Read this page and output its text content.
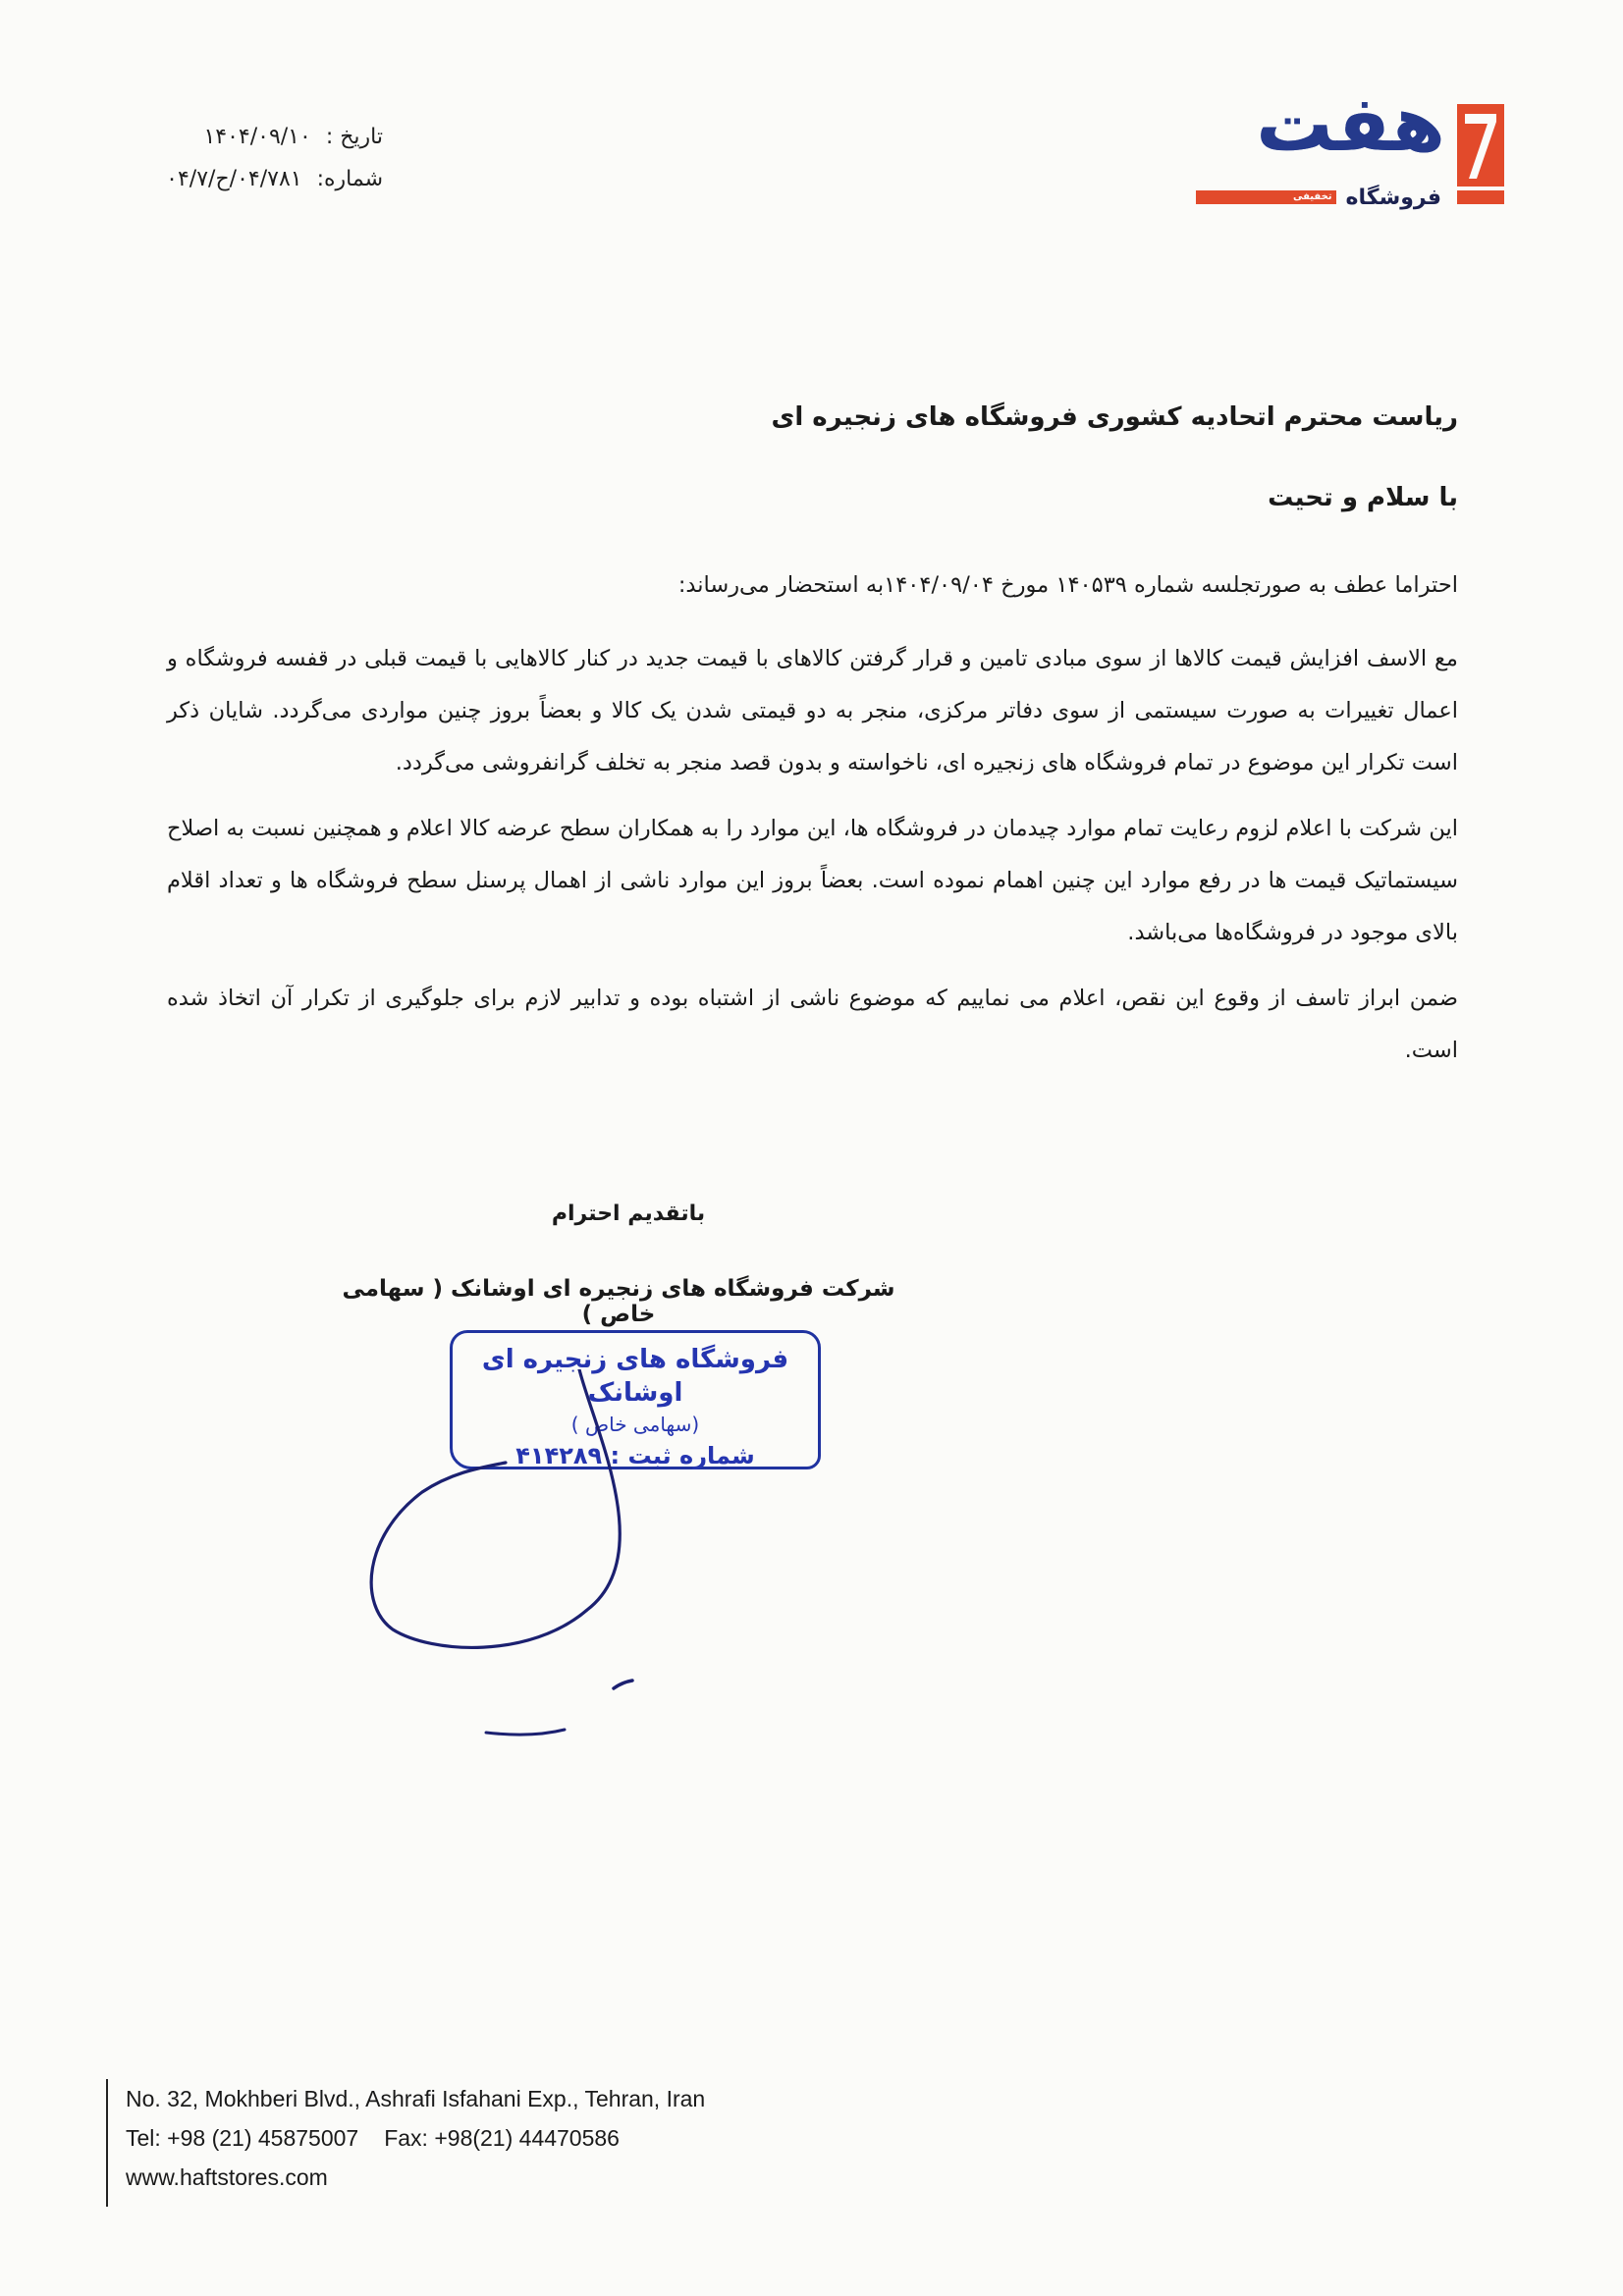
هفت
فروشگاه
تخفیفی
تاریخ : ۱۴۰۴/۰۹/۱۰
شماره: ۰۴/۷۸۱/ح/۰۴/۷
ریاست محترم اتحادیه کشوری فروشگاه های زنجیره ای
با سلام و تحیت

احتراما عطف به صورتجلسه شماره ۱۴۰۵۳۹ مورخ ۱۴۰۴/۰۹/۰۴به استحضار می‌رساند:

مع الاسف افزایش قیمت کالاها از سوی مبادی تامین و قرار گرفتن کالاهای با قیمت جدید در کنار کالاهایی با قیمت قبلی در قفسه فروشگاه و اعمال تغییرات به صورت سیستمی از سوی دفاتر مرکزی، منجر به دو قیمتی شدن یک کالا و بعضاً بروز چنین مواردی می‌گردد. شایان ذکر است تکرار این موضوع در تمام فروشگاه های زنجیره ای، ناخواسته و بدون قصد منجر به تخلف گرانفروشی می‌گردد.

این شرکت با اعلام لزوم رعایت تمام موارد چیدمان در فروشگاه ها، این موارد را به همکاران سطح عرضه کالا اعلام و همچنین نسبت به اصلاح سیستماتیک قیمت ها در رفع موارد این چنین اهمام نموده است. بعضاً بروز این موارد ناشی از اهمال پرسنل سطح فروشگاه ها و تعداد اقلام بالای موجود در فروشگاه‌ها می‌باشد.

ضمن ابراز تاسف از وقوع این نقص، اعلام می نماییم که موضوع ناشی از اشتباه بوده و تدابیر لازم برای جلوگیری از تکرار آن اتخاذ شده است.

باتقدیم احترام
شرکت فروشگاه های زنجیره ای اوشانک ( سهامی خاص )
فروشگاه های زنجیره ای اوشانک
(سهامی خاص )
شماره ثبت : ۴۱۴۲۸۹
No. 32, Mokhberi Blvd., Ashrafi Isfahani Exp., Tehran, Iran
Tel: +98 (21) 45875007 Fax: +98(21) 44470586
www.haftstores.com
